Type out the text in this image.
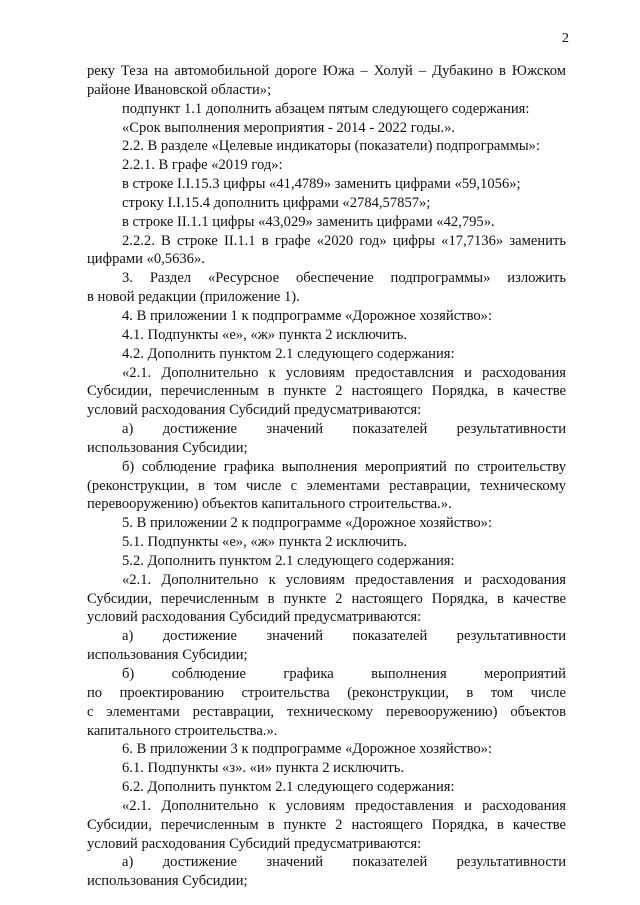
2
реку Теза на автомобильной дороге Южа – Холуй – Дубакино в Южском
районе Ивановской области»;
подпункт 1.1 дополнить абзацем пятым следующего содержания:
«Срок выполнения мероприятия - 2014 - 2022 годы.».
2.2. В разделе «Целевые индикаторы (показатели) подпрограммы»:
2.2.1. В графе «2019 год»:
в строке I.I.15.3 цифры «41,4789» заменить цифрами «59,1056»;
строку I.I.15.4 дополнить цифрами «2784,57857»;
в строке II.1.1 цифры «43,029» заменить цифрами «42,795».
2.2.2. В строке II.1.1 в графе «2020 год» цифры «17,7136» заменить
цифрами «0,5636».
3. Раздел «Ресурсное обеспечение подпрограммы» изложить
в новой редакции (приложение 1).
4. В приложении 1 к подпрограмме «Дорожное хозяйство»:
4.1. Подпункты «е», «ж» пункта 2 исключить.
4.2. Дополнить пунктом 2.1 следующего содержания:
«2.1. Дополнительно к условиям предоставлсния и расходования
Субсидии, перечисленным в пункте 2 настоящего Порядка, в качестве
условий расходования Субсидий предусматриваются:
а) достижение значений показателей результативности
использования Субсидии;
б) соблюдение графика выполнения мероприятий по строительству
(реконструкции, в том числе с элементами реставрации, техническому
перевооружению) объектов капитального строительства.».
5. В приложении 2 к подпрограмме «Дорожное хозяйство»:
5.1. Подпункты «е», «ж» пункта 2 исключить.
5.2. Дополнить пунктом 2.1 следующего содержания:
«2.1. Дополнительно к условиям предоставления и расходования
Субсидии, перечисленным в пункте 2 настоящего Порядка, в качестве
условий расходования Субсидий предусматриваются:
а) достижение значений показателей результативности
использования Субсидии;
б) соблюдение графика выполнения мероприятий
по проектированию строительства (реконструкции, в том числе
с элементами реставрации, техническому перевооружению) объектов
капитального строительства.».
6. В приложении 3 к подпрограмме «Дорожное хозяйство»:
6.1. Подпункты «з». «и» пункта 2 исключить.
6.2. Дополнить пунктом 2.1 следующего содержания:
«2.1. Дополнительно к условиям предоставления и расходования
Субсидии, перечисленным в пункте 2 настоящего Порядка, в качестве
условий расходования Субсидий предусматриваются:
а) достижение значений показателей результативности
использования Субсидии;
